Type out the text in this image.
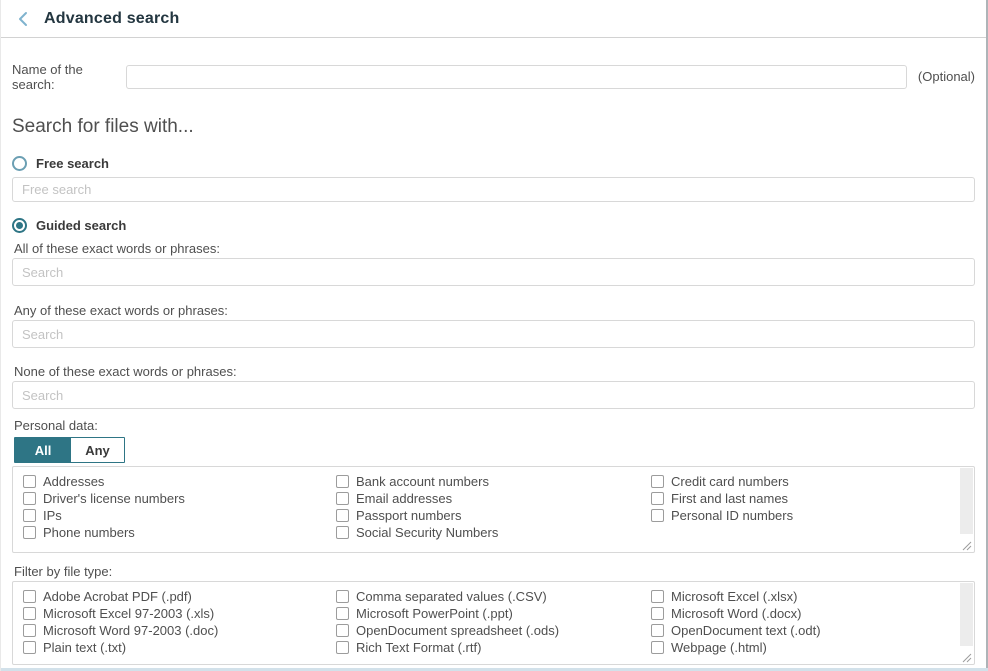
Advanced search
Name of the search:	(Optional)
Search for files with...
Free search
Free search
Guided search
All of these exact words or phrases:
Search
Any of these exact words or phrases:
Search
None of these exact words or phrases:
Search
Personal data:
All	Any
Addresses
Driver's license numbers
IPs
Phone numbers
Bank account numbers
Email addresses
Passport numbers
Social Security Numbers
Credit card numbers
First and last names
Personal ID numbers
Filter by file type:
Adobe Acrobat PDF (.pdf)
Microsoft Excel 97-2003 (.xls)
Microsoft Word 97-2003 (.doc)
Plain text (.txt)
Comma separated values (.CSV)
Microsoft PowerPoint (.ppt)
OpenDocument spreadsheet (.ods)
Rich Text Format (.rtf)
Microsoft Excel (.xlsx)
Microsoft Word (.docx)
OpenDocument text (.odt)
Webpage (.html)
